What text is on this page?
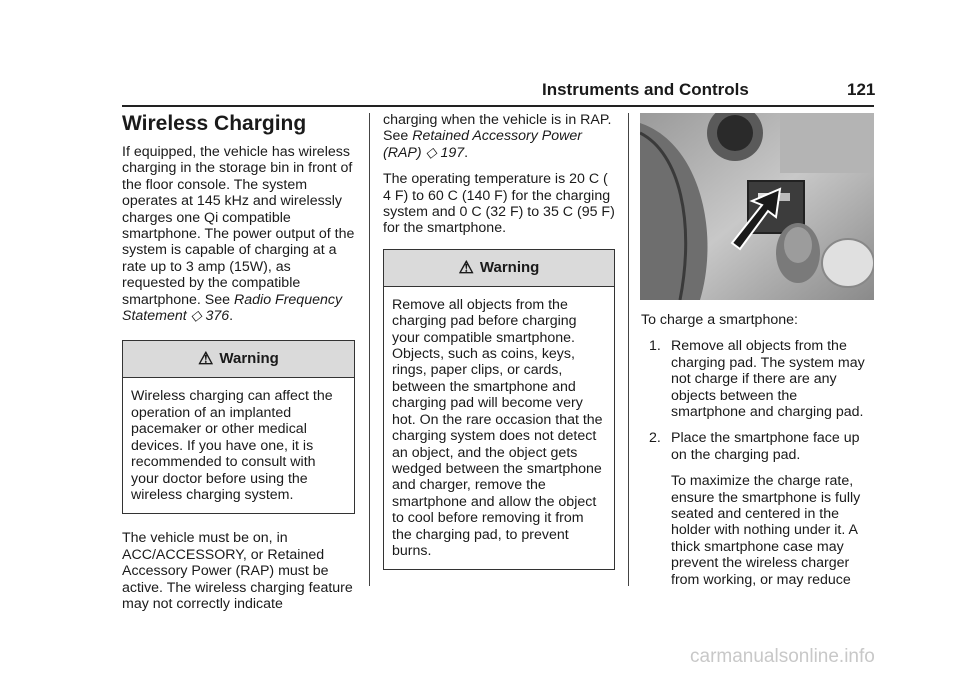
Instruments and Controls	121
Wireless Charging

If equipped, the vehicle has wireless charging in the storage bin in front of the floor console. The system operates at 145 kHz and wirelessly charges one Qi compatible smartphone. The power output of the system is capable of charging at a rate up to 3 amp (15W), as requested by the compatible smartphone. See Radio Frequency Statement ◇ 376.

⚠ Warning
Wireless charging can affect the operation of an implanted pacemaker or other medical devices. If you have one, it is recommended to consult with your doctor before using the wireless charging system.

The vehicle must be on, in ACC/ACCESSORY, or Retained Accessory Power (RAP) must be active. The wireless charging feature may not correctly indicate

charging when the vehicle is in RAP. See Retained Accessory Power (RAP) ◇ 197.

The operating temperature is 20 C ( 4 F) to 60 C (140 F) for the charging system and 0 C (32 F) to 35 C (95 F) for the smartphone.

⚠ Warning
Remove all objects from the charging pad before charging your compatible smartphone. Objects, such as coins, keys, rings, paper clips, or cards, between the smartphone and charging pad will become very hot. On the rare occasion that the charging system does not detect an object, and the object gets wedged between the smartphone and charger, remove the smartphone and allow the object to cool before removing it from the charging pad, to prevent burns.

To charge a smartphone:

1. Remove all objects from the charging pad. The system may not charge if there are any objects between the smartphone and charging pad.

2. Place the smartphone face up on the charging pad.

To maximize the charge rate, ensure the smartphone is fully seated and centered in the holder with nothing under it. A thick smartphone case may prevent the wireless charger from working, or may reduce

carmanualsonline.info
